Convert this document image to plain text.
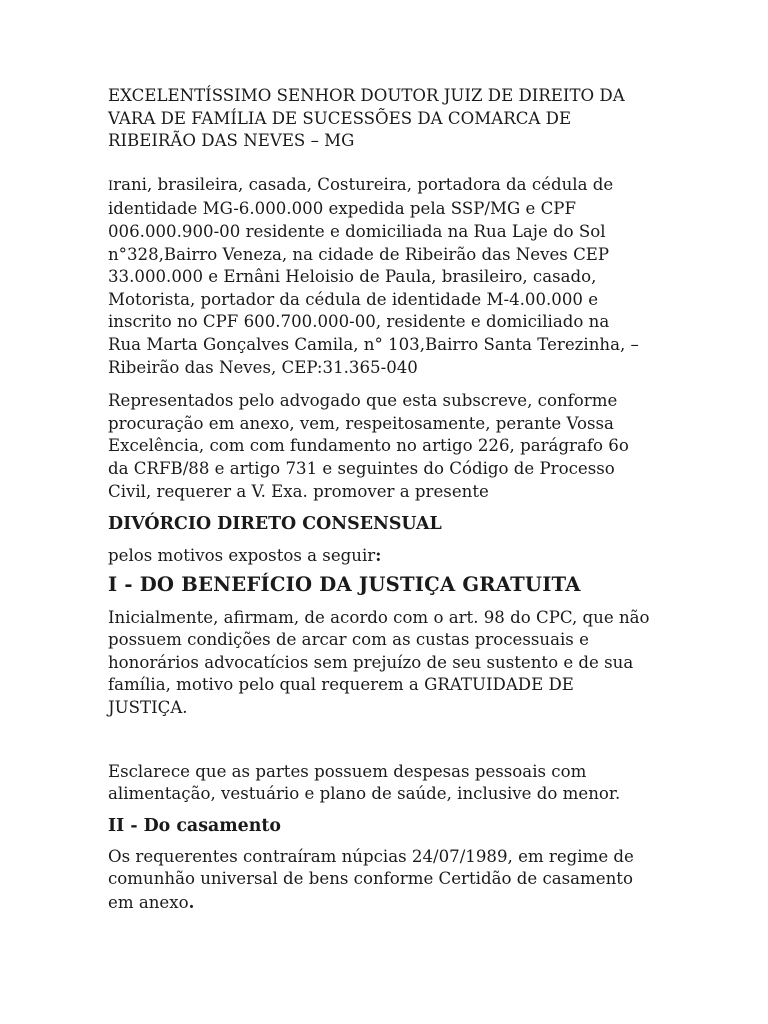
EXCELENTÍSSIMO SENHOR DOUTOR JUIZ DE DIREITO DA
VARA DE FAMÍLIA DE SUCESSÕES DA COMARCA DE
RIBEIRÃO DAS NEVES – MG

Irani, brasileira, casada, Costureira, portadora da cédula de
identidade MG-6.000.000 expedida pela SSP/MG e CPF
006.000.900-00 residente e domiciliada na Rua Laje do Sol
n°328,Bairro Veneza, na cidade de Ribeirão das Neves CEP
33.000.000 e Ernâni Heloisio de Paula, brasileiro, casado,
Motorista, portador da cédula de identidade M-4.00.000 e
inscrito no CPF 600.700.000-00, residente e domiciliado na
Rua Marta Gonçalves Camila, n° 103,Bairro Santa Terezinha, –
Ribeirão das Neves, CEP:31.365-040

Representados pelo advogado que esta subscreve, conforme
procuração em anexo, vem, respeitosamente, perante Vossa
Excelência, com com fundamento no artigo 226, parágrafo 6o
da CRFB/88 e artigo 731 e seguintes do Código de Processo
Civil, requerer a V. Exa. promover a presente

DIVÓRCIO DIRETO CONSENSUAL

pelos motivos expostos a seguir:

I - DO BENEFÍCIO DA JUSTIÇA GRATUITA

Inicialmente, afirmam, de acordo com o art. 98 do CPC, que não
possuem condições de arcar com as custas processuais e
honorários advocatícios sem prejuízo de seu sustento e de sua
família, motivo pelo qual requerem a GRATUIDADE DE
JUSTIÇA.

Esclarece que as partes possuem despesas pessoais com
alimentação, vestuário e plano de saúde, inclusive do menor.

II - Do casamento

Os requerentes contraíram núpcias 24/07/1989, em regime de
comunhão universal de bens conforme Certidão de casamento
em anexo.
